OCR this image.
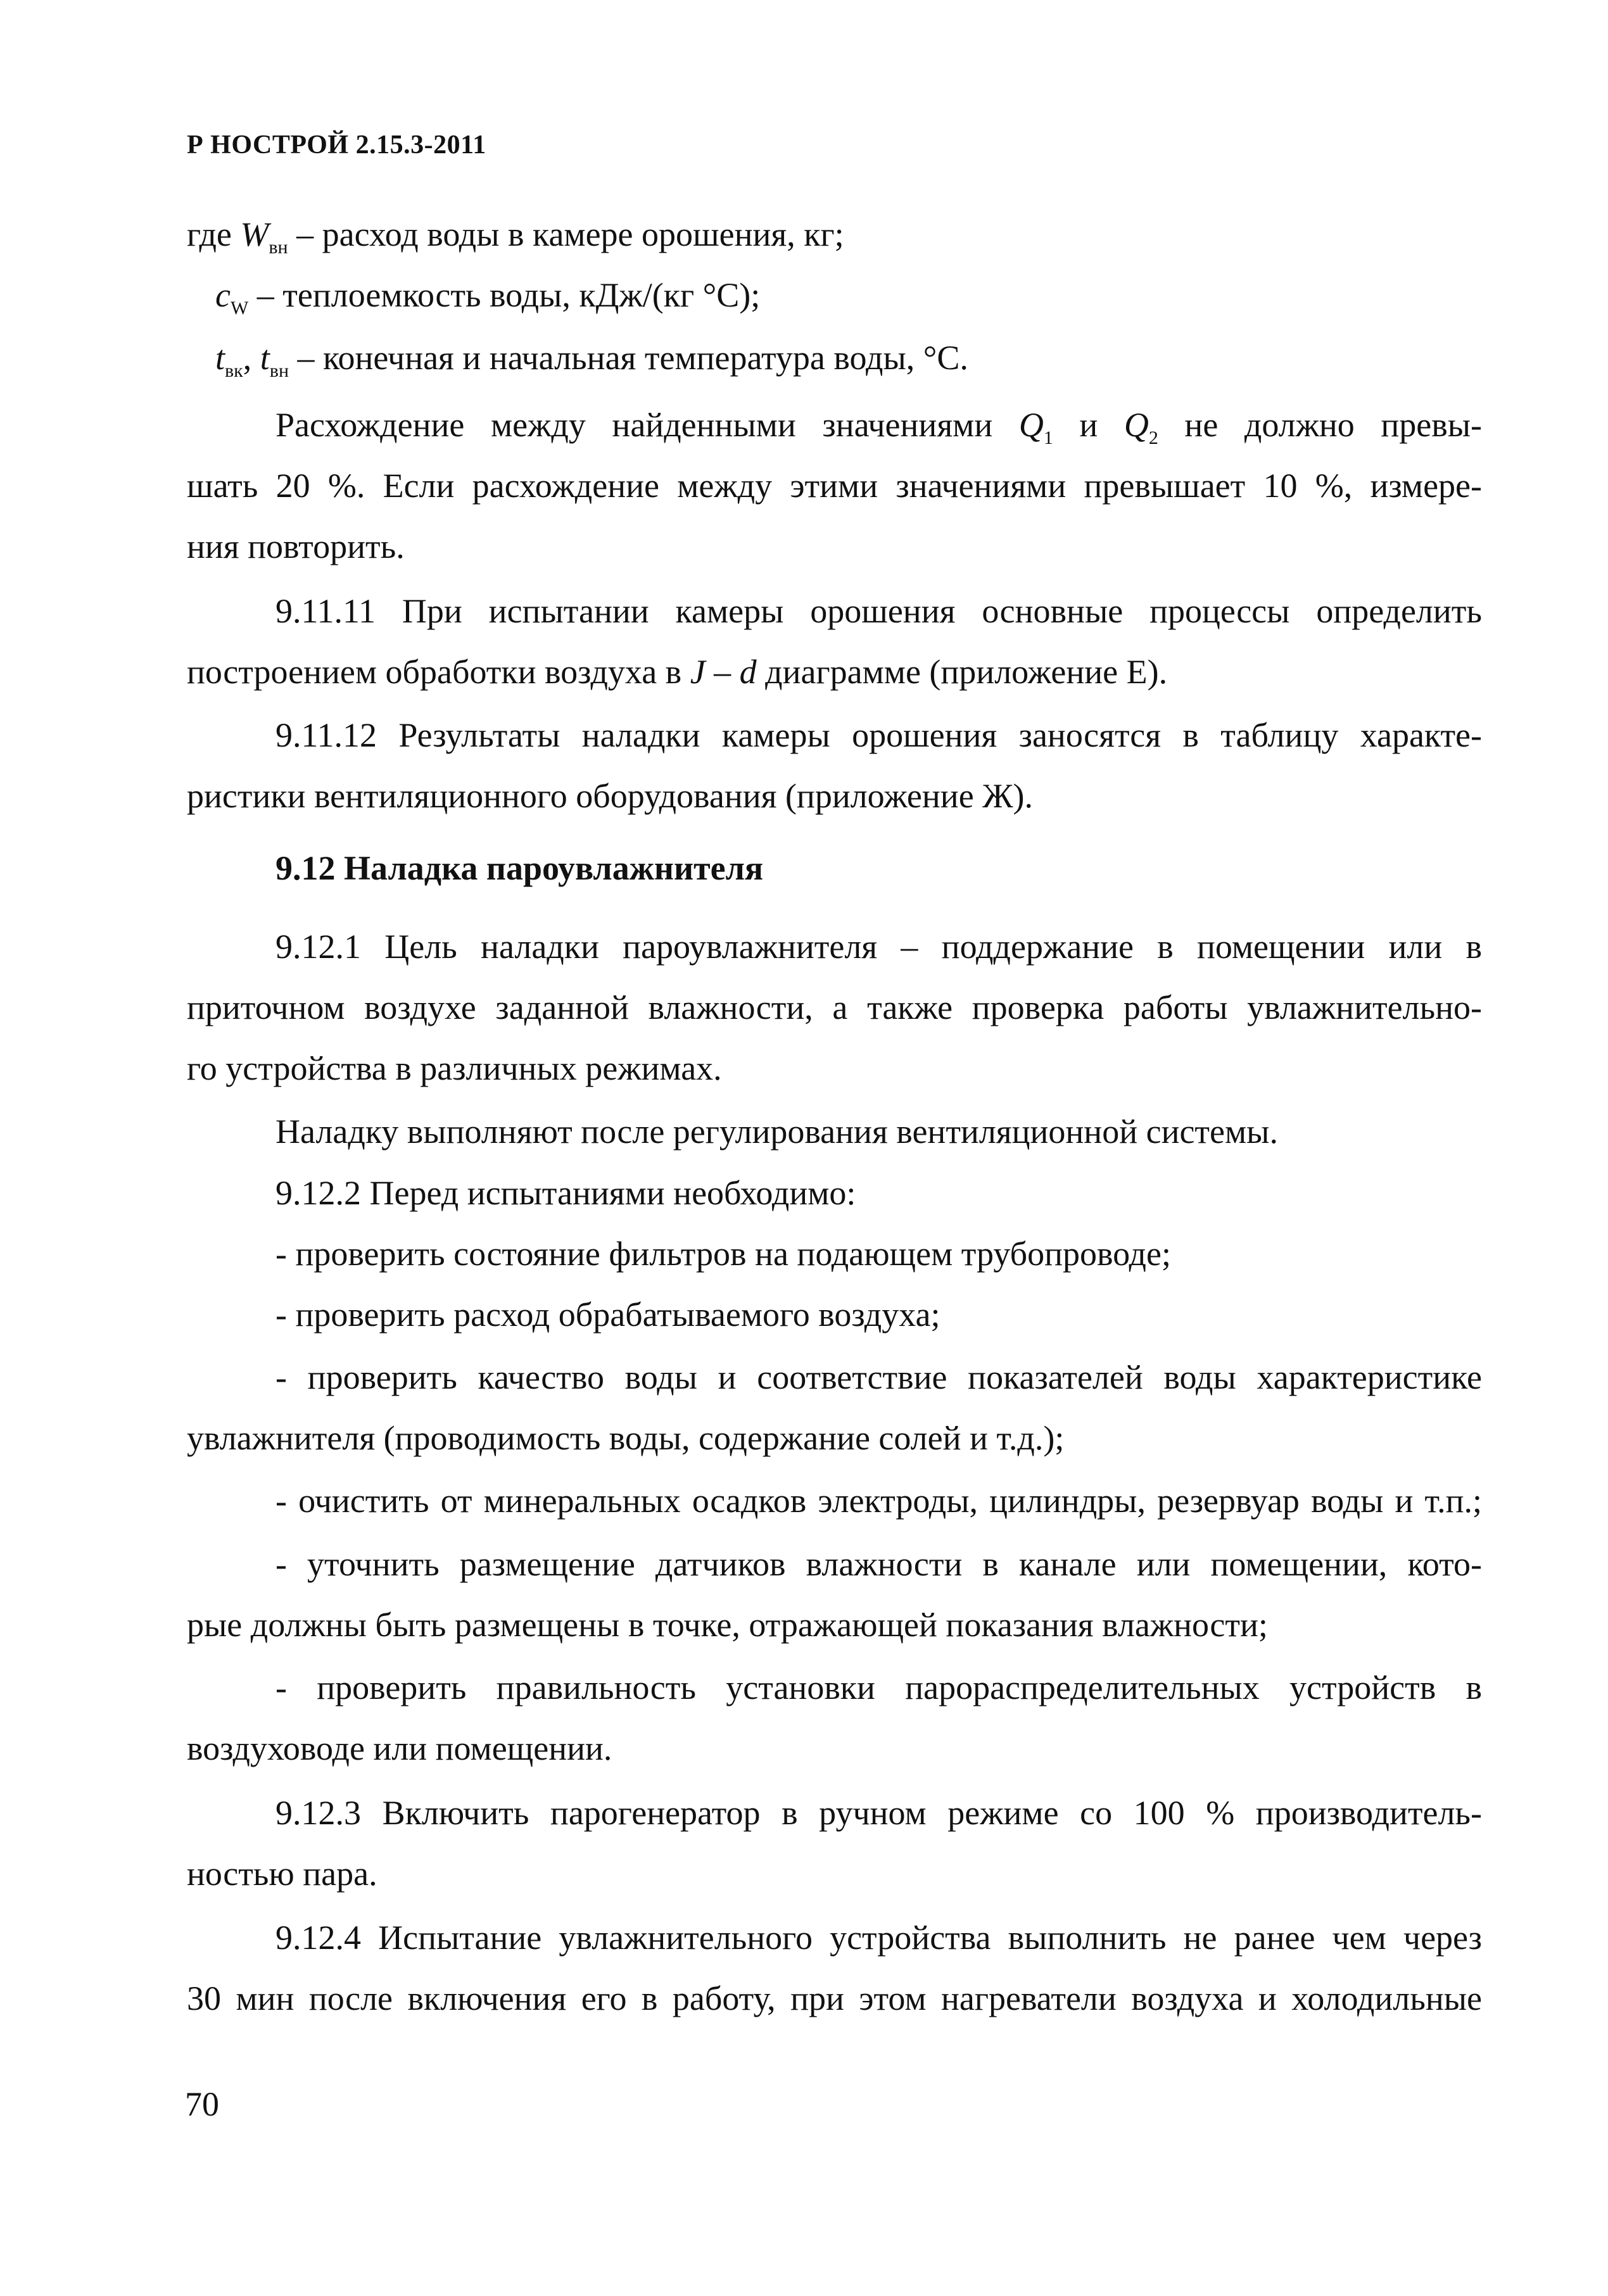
Р НОСТРОЙ 2.15.3-2011
где $W_{вн}$ – расход воды в камере орошения, кг;
$c_W$ – теплоемкость воды, кДж/(кг °C);
$t_{вк}$, $t_{вн}$ – конечная и начальная температура воды, °C.
Расхождение между найденными значениями $Q_1$ и $Q_2$ не должно превы-
шать 20 %. Если расхождение между этими значениями превышает 10 %, измере-
ния повторить.
9.11.11 При испытании камеры орошения основные процессы определить
построением обработки воздуха в J – d диаграмме (приложение Е).
9.11.12 Результаты наладки камеры орошения заносятся в таблицу характе-
ристики вентиляционного оборудования (приложение Ж).
9.12 Наладка пароувлажнителя
9.12.1 Цель наладки пароувлажнителя – поддержание в помещении или в
приточном воздухе заданной влажности, а также проверка работы увлажнительно-
го устройства в различных режимах.
Наладку выполняют после регулирования вентиляционной системы.
9.12.2 Перед испытаниями необходимо:
- проверить состояние фильтров на подающем трубопроводе;
- проверить расход обрабатываемого воздуха;
- проверить качество воды и соответствие показателей воды характеристике
увлажнителя (проводимость воды, содержание солей и т.д.);
- очистить от минеральных осадков электроды, цилиндры, резервуар воды и т.п.;
- уточнить размещение датчиков влажности в канале или помещении, кото-
рые должны быть размещены в точке, отражающей показания влажности;
- проверить правильность установки парораспределительных устройств в
воздуховоде или помещении.
9.12.3 Включить парогенератор в ручном режиме со 100 % производитель-
ностью пара.
9.12.4 Испытание увлажнительного устройства выполнить не ранее чем через
30 мин после включения его в работу, при этом нагреватели воздуха и холодильные
70
